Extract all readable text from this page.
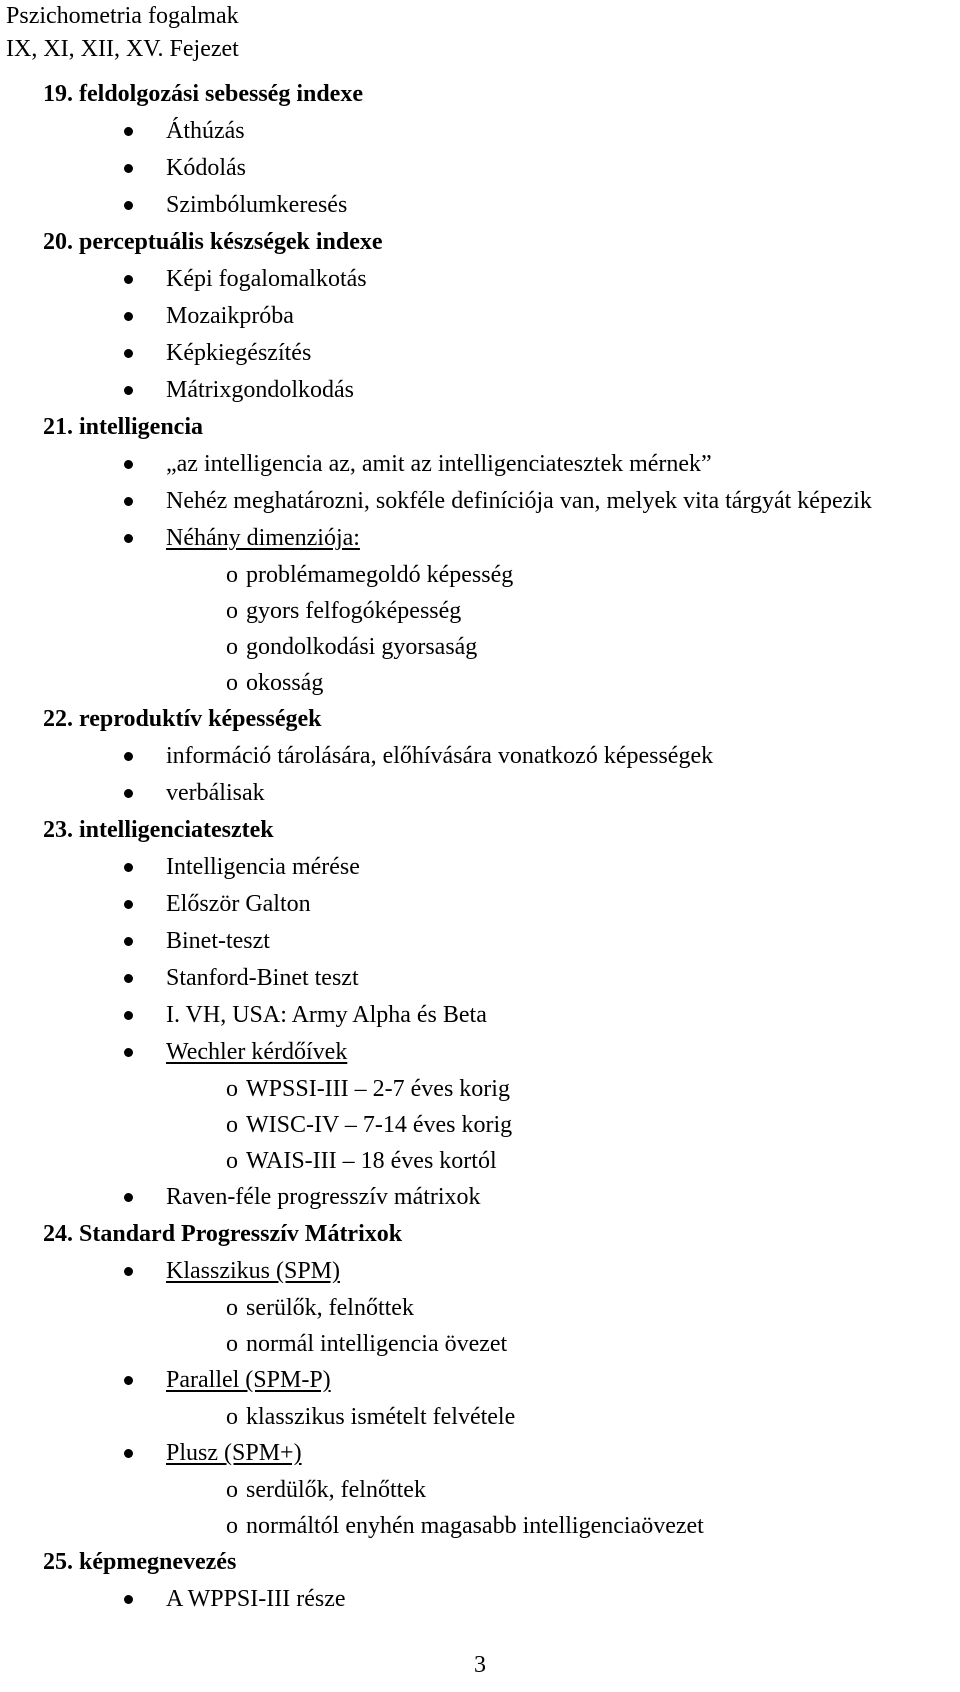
Pszichometria fogalmak
IX, XI, XII, XV. Fejezet
19. feldolgozási sebesség indexe
Áthúzás
Kódolás
Szimbólumkeresés
20. perceptuális készségek indexe
Képi fogalomalkotás
Mozaikpróba
Képkiegészítés
Mátrixgondolkodás
21. intelligencia
„az intelligencia az, amit az intelligenciatesztek mérnek”
Nehéz meghatározni, sokféle definíciója van, melyek vita tárgyát képezik
Néhány dimenziója:
o problémamegoldó képesség
o gyors felfogóképesség
o gondolkodási gyorsaság
o okosság
22. reproduktív képességek
információ tárolására, előhívására vonatkozó képességek
verbálisak
23. intelligenciatesztek
Intelligencia mérése
Először Galton
Binet-teszt
Stanford-Binet teszt
I. VH, USA: Army Alpha és Beta
Wechler kérdőívek
o WPSSI-III – 2-7 éves korig
o WISC-IV – 7-14 éves korig
o WAIS-III – 18 éves kortól
Raven-féle progresszív mátrixok
24. Standard Progresszív Mátrixok
Klasszikus (SPM)
o serülők, felnőttek
o normál intelligencia övezet
Parallel (SPM-P)
o klasszikus ismételt felvétele
Plusz (SPM+)
o serdülők, felnőttek
o normáltól enyhén magasabb intelligenciaövezet
25. képmegnevezés
A WPPSI-III része
3
